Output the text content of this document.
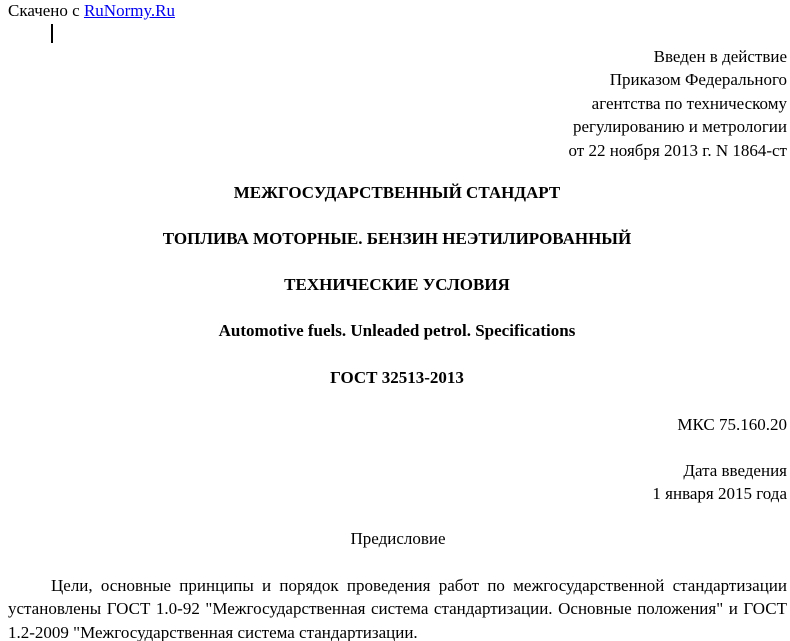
Скачено с RuNormy.Ru
Введен в действие
Приказом Федерального
агентства по техническому
регулированию и метрологии
от 22 ноября 2013 г. N 1864-ст
МЕЖГОСУДАРСТВЕННЫЙ СТАНДАРТ
ТОПЛИВА МОТОРНЫЕ. БЕНЗИН НЕЭТИЛИРОВАННЫЙ
ТЕХНИЧЕСКИЕ УСЛОВИЯ
Automotive fuels. Unleaded petrol. Specifications
ГОСТ 32513-2013
МКС 75.160.20
Дата введения
1 января 2015 года
Предисловие
Цели, основные принципы и порядок проведения работ по межгосударственной стандартизации установлены ГОСТ 1.0-92 "Межгосударственная система стандартизации. Основные положения" и ГОСТ 1.2-2009 "Межгосударственная система стандартизации.
